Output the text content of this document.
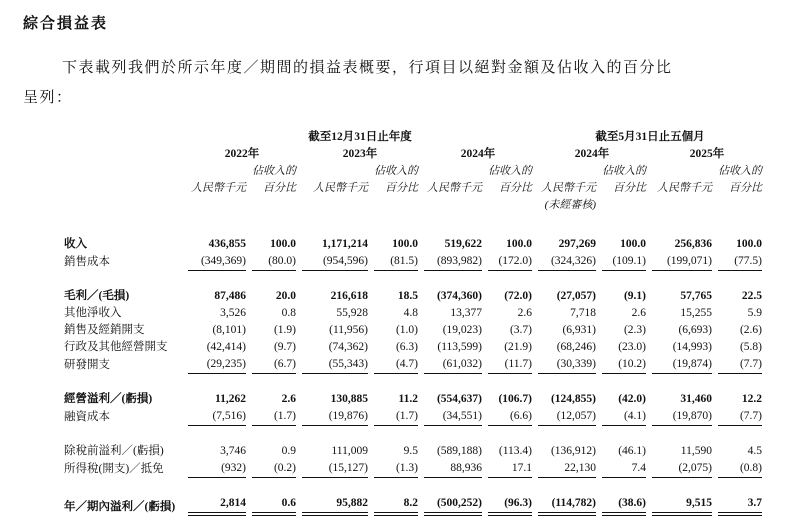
綜合損益表
下表載列我們於所示年度／期間的損益表概要，行項目以絕對金額及佔收入的百分比
呈列：
	截至12月31日止年度						截至5月31日止五個月			
	2022年		2023年		2024年		2024年		2025年	
		佔收入的		佔收入的		佔收入的		佔收入的		佔收入的
	人民幣千元	百分比	人民幣千元	百分比	人民幣千元	百分比	人民幣千元	百分比	人民幣千元	百分比
							(未經審核)			

收入	436,855	100.0	1,171,214	100.0	519,622	100.0	297,269	100.0	256,836	100.0
銷售成本	(349,369)	(80.0)	(954,596)	(81.5)	(893,982)	(172.0)	(324,326)	(109.1)	(199,071)	(77.5)

毛利／(毛損)	87,486	20.0	216,618	18.5	(374,360)	(72.0)	(27,057)	(9.1)	57,765	22.5
其他淨收入	3,526	0.8	55,928	4.8	13,377	2.6	7,718	2.6	15,255	5.9
銷售及經銷開支	(8,101)	(1.9)	(11,956)	(1.0)	(19,023)	(3.7)	(6,931)	(2.3)	(6,693)	(2.6)
行政及其他經營開支	(42,414)	(9.7)	(74,362)	(6.3)	(113,599)	(21.9)	(68,246)	(23.0)	(14,993)	(5.8)
研發開支	(29,235)	(6.7)	(55,343)	(4.7)	(61,032)	(11.7)	(30,339)	(10.2)	(19,874)	(7.7)

經營溢利／(虧損)	11,262	2.6	130,885	11.2	(554,637)	(106.7)	(124,855)	(42.0)	31,460	12.2
融資成本	(7,516)	(1.7)	(19,876)	(1.7)	(34,551)	(6.6)	(12,057)	(4.1)	(19,870)	(7.7)

除稅前溢利／(虧損)	3,746	0.9	111,009	9.5	(589,188)	(113.4)	(136,912)	(46.1)	11,590	4.5
所得稅(開支)／抵免	(932)	(0.2)	(15,127)	(1.3)	88,936	17.1	22,130	7.4	(2,075)	(0.8)

年／期內溢利／(虧損)	2,814	0.6	95,882	8.2	(500,252)	(96.3)	(114,782)	(38.6)	9,515	3.7
